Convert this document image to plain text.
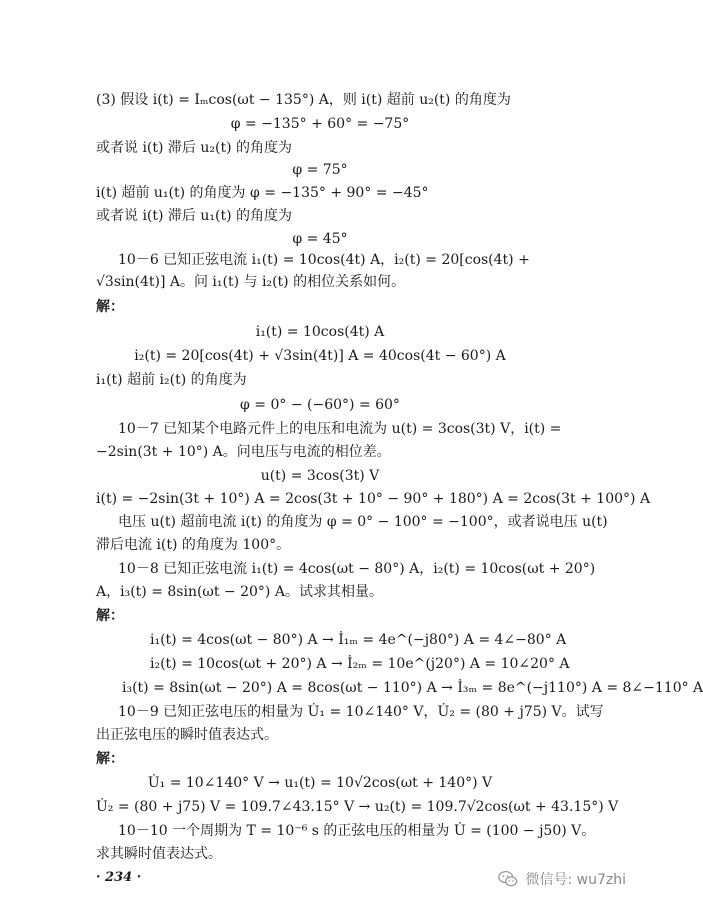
(3) 假设 i(t) = Iₘcos(ωt − 135°) A，则 i(t) 超前 u₂(t) 的角度为
φ = −135° + 60° = −75°
或者说 i(t) 滞后 u₂(t) 的角度为
φ = 75°
i(t) 超前 u₁(t) 的角度为 φ = −135° + 90° = −45°
或者说 i(t) 滞后 u₁(t) 的角度为
φ = 45°
10－6 已知正弦电流 i₁(t) = 10cos(4t) A，i₂(t) = 20[cos(4t) +
√3sin(4t)] A。问 i₁(t) 与 i₂(t) 的相位关系如何。
解：
i₁(t) = 10cos(4t) A
i₂(t) = 20[cos(4t) + √3sin(4t)] A = 40cos(4t − 60°) A
i₁(t) 超前 i₂(t) 的角度为
φ = 0° − (−60°) = 60°
10－7 已知某个电路元件上的电压和电流为 u(t) = 3cos(3t) V，i(t) =
−2sin(3t + 10°) A。问电压与电流的相位差。
u(t) = 3cos(3t) V
i(t) = −2sin(3t + 10°) A = 2cos(3t + 10° − 90° + 180°) A = 2cos(3t + 100°) A
电压 u(t) 超前电流 i(t) 的角度为 φ = 0° − 100° = −100°，或者说电压 u(t)
滞后电流 i(t) 的角度为 100°。
10－8 已知正弦电流 i₁(t) = 4cos(ωt − 80°) A，i₂(t) = 10cos(ωt + 20°)
A，i₃(t) = 8sin(ωt − 20°) A。试求其相量。
解：
i₁(t) = 4cos(ωt − 80°) A → İ₁ₘ = 4e^(−j80°) A = 4∠−80° A
i₂(t) = 10cos(ωt + 20°) A → İ₂ₘ = 10e^(j20°) A = 10∠20° A
i₃(t) = 8sin(ωt − 20°) A = 8cos(ωt − 110°) A → İ₃ₘ = 8e^(−j110°) A = 8∠−110° A
10－9 已知正弦电压的相量为 U̇₁ = 10∠140° V，U̇₂ = (80 + j75) V。试写
出正弦电压的瞬时值表达式。
解：
U̇₁ = 10∠140° V → u₁(t) = 10√2cos(ωt + 140°) V
U̇₂ = (80 + j75) V = 109.7∠43.15° V → u₂(t) = 109.7√2cos(ωt + 43.15°) V
10－10 一个周期为 T = 10⁻⁶ s 的正弦电压的相量为 U̇ = (100 − j50) V。
求其瞬时值表达式。
· 234 ·	微信号: wu7zhi
